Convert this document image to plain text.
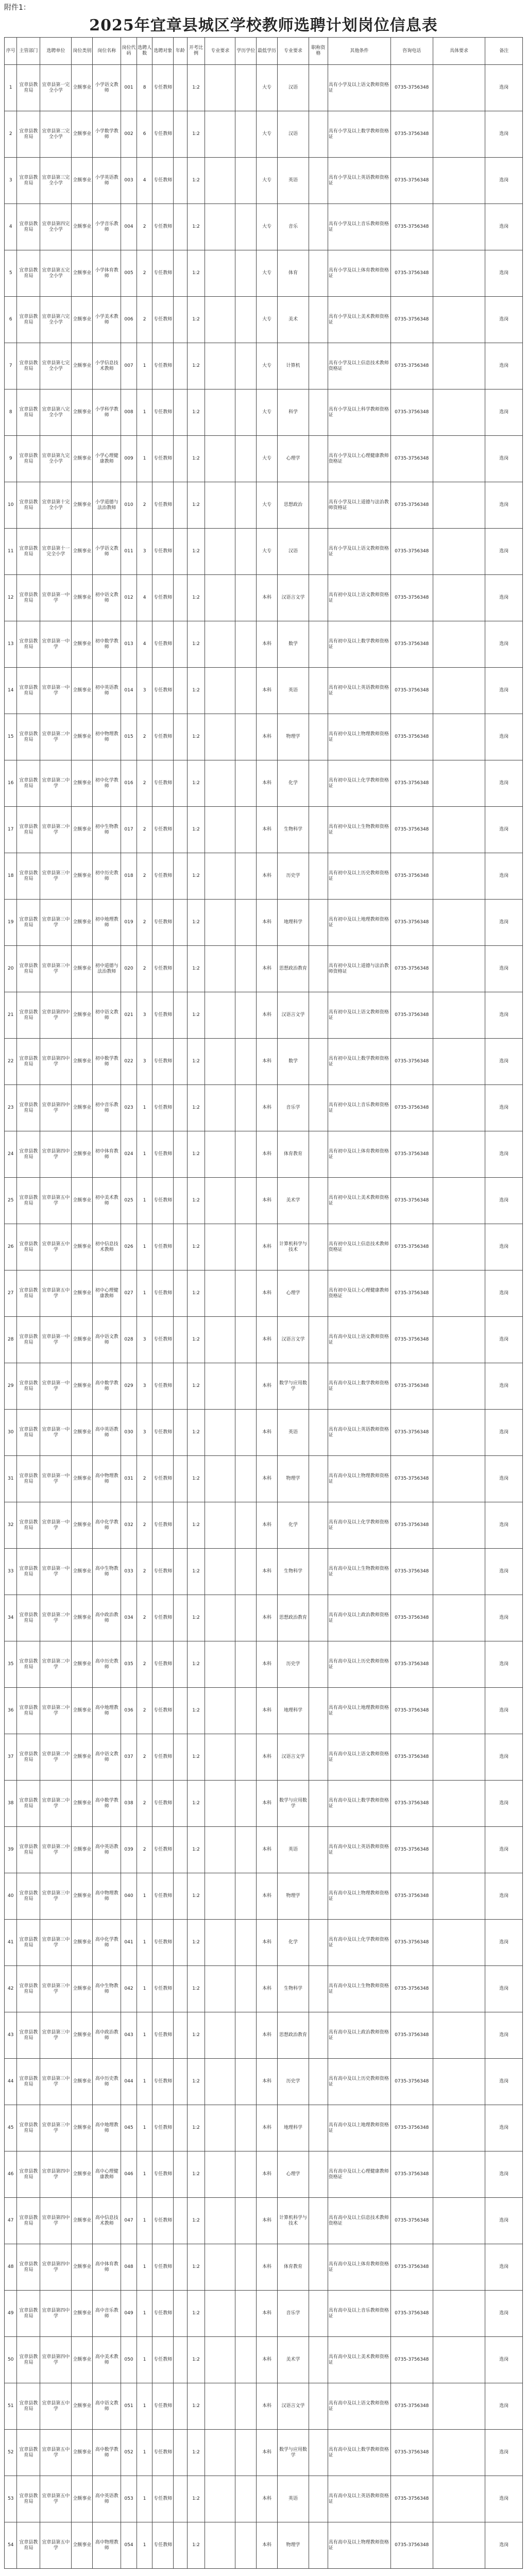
附件1：
2025年宜章县城区学校教师选聘计划岗位信息表
序号	主管部门	选聘单位	岗位类别	岗位名称	岗位代码	选聘人数	选聘对象	年龄	开考比例	专业要求	学历学位	最低学历	专业要求	职称资格	其他条件	咨询电话	具体要求	备注
1	宜章县教育局	宜章县第一完全小学	全额事业	小学语文教师	001	8	专任教师		1:2			大专	汉语		具有小学及以上语文教师资格证	0735-3756348		选岗
2	宜章县教育局	宜章县第二完全小学	全额事业	小学数学教师	002	6	专任教师		1:2			大专	汉语		具有小学及以上数学教师资格证	0735-3756348		选岗
3	宜章县教育局	宜章县第三完全小学	全额事业	小学英语教师	003	4	专任教师		1:2			大专	英语		具有小学及以上英语教师资格证	0735-3756348		选岗
4	宜章县教育局	宜章县第四完全小学	全额事业	小学音乐教师	004	2	专任教师		1:2			大专	音乐		具有小学及以上音乐教师资格证	0735-3756348		选岗
5	宜章县教育局	宜章县第五完全小学	全额事业	小学体育教师	005	2	专任教师		1:2			大专	体育		具有小学及以上体育教师资格证	0735-3756348		选岗
6	宜章县教育局	宜章县第六完全小学	全额事业	小学美术教师	006	2	专任教师		1:2			大专	美术		具有小学及以上美术教师资格证	0735-3756348		选岗
7	宜章县教育局	宜章县第七完全小学	全额事业	小学信息技术教师	007	1	专任教师		1:2			大专	计算机		具有小学及以上信息技术教师资格证	0735-3756348		选岗
8	宜章县教育局	宜章县第八完全小学	全额事业	小学科学教师	008	1	专任教师		1:2			大专	科学		具有小学及以上科学教师资格证	0735-3756348		选岗
9	宜章县教育局	宜章县第九完全小学	全额事业	小学心理健康教师	009	1	专任教师		1:2			大专	心理学		具有小学及以上心理健康教师资格证	0735-3756348		选岗
10	宜章县教育局	宜章县第十完全小学	全额事业	小学道德与法治教师	010	2	专任教师		1:2			大专	思想政治		具有小学及以上道德与法治教师资格证	0735-3756348		选岗
11	宜章县教育局	宜章县第十一完全小学	全额事业	小学语文教师	011	3	专任教师		1:2			大专	汉语		具有小学及以上语文教师资格证	0735-3756348		选岗
12	宜章县教育局	宜章县第一中学	全额事业	初中语文教师	012	4	专任教师		1:2			本科	汉语言文学		具有初中及以上语文教师资格证	0735-3756348		选岗
13	宜章县教育局	宜章县第一中学	全额事业	初中数学教师	013	4	专任教师		1:2			本科	数学		具有初中及以上数学教师资格证	0735-3756348		选岗
14	宜章县教育局	宜章县第一中学	全额事业	初中英语教师	014	3	专任教师		1:2			本科	英语		具有初中及以上英语教师资格证	0735-3756348		选岗
15	宜章县教育局	宜章县第二中学	全额事业	初中物理教师	015	2	专任教师		1:2			本科	物理学		具有初中及以上物理教师资格证	0735-3756348		选岗
16	宜章县教育局	宜章县第二中学	全额事业	初中化学教师	016	2	专任教师		1:2			本科	化学		具有初中及以上化学教师资格证	0735-3756348		选岗
17	宜章县教育局	宜章县第二中学	全额事业	初中生物教师	017	2	专任教师		1:2			本科	生物科学		具有初中及以上生物教师资格证	0735-3756348		选岗
18	宜章县教育局	宜章县第三中学	全额事业	初中历史教师	018	2	专任教师		1:2			本科	历史学		具有初中及以上历史教师资格证	0735-3756348		选岗
19	宜章县教育局	宜章县第三中学	全额事业	初中地理教师	019	2	专任教师		1:2			本科	地理科学		具有初中及以上地理教师资格证	0735-3756348		选岗
20	宜章县教育局	宜章县第三中学	全额事业	初中道德与法治教师	020	2	专任教师		1:2			本科	思想政治教育		具有初中及以上道德与法治教师资格证	0735-3756348		选岗
21	宜章县教育局	宜章县第四中学	全额事业	初中语文教师	021	3	专任教师		1:2			本科	汉语言文学		具有初中及以上语文教师资格证	0735-3756348		选岗
22	宜章县教育局	宜章县第四中学	全额事业	初中数学教师	022	3	专任教师		1:2			本科	数学		具有初中及以上数学教师资格证	0735-3756348		选岗
23	宜章县教育局	宜章县第四中学	全额事业	初中音乐教师	023	1	专任教师		1:2			本科	音乐学		具有初中及以上音乐教师资格证	0735-3756348		选岗
24	宜章县教育局	宜章县第四中学	全额事业	初中体育教师	024	1	专任教师		1:2			本科	体育教育		具有初中及以上体育教师资格证	0735-3756348		选岗
25	宜章县教育局	宜章县第五中学	全额事业	初中美术教师	025	1	专任教师		1:2			本科	美术学		具有初中及以上美术教师资格证	0735-3756348		选岗
26	宜章县教育局	宜章县第五中学	全额事业	初中信息技术教师	026	1	专任教师		1:2			本科	计算机科学与技术		具有初中及以上信息技术教师资格证	0735-3756348		选岗
27	宜章县教育局	宜章县第五中学	全额事业	初中心理健康教师	027	1	专任教师		1:2			本科	心理学		具有初中及以上心理健康教师资格证	0735-3756348		选岗
28	宜章县教育局	宜章县第一中学	全额事业	高中语文教师	028	3	专任教师		1:2			本科	汉语言文学		具有高中及以上语文教师资格证	0735-3756348		选岗
29	宜章县教育局	宜章县第一中学	全额事业	高中数学教师	029	3	专任教师		1:2			本科	数学与应用数学		具有高中及以上数学教师资格证	0735-3756348		选岗
30	宜章县教育局	宜章县第一中学	全额事业	高中英语教师	030	3	专任教师		1:2			本科	英语		具有高中及以上英语教师资格证	0735-3756348		选岗
31	宜章县教育局	宜章县第一中学	全额事业	高中物理教师	031	2	专任教师		1:2			本科	物理学		具有高中及以上物理教师资格证	0735-3756348		选岗
32	宜章县教育局	宜章县第一中学	全额事业	高中化学教师	032	2	专任教师		1:2			本科	化学		具有高中及以上化学教师资格证	0735-3756348		选岗
33	宜章县教育局	宜章县第一中学	全额事业	高中生物教师	033	2	专任教师		1:2			本科	生物科学		具有高中及以上生物教师资格证	0735-3756348		选岗
34	宜章县教育局	宜章县第二中学	全额事业	高中政治教师	034	2	专任教师		1:2			本科	思想政治教育		具有高中及以上政治教师资格证	0735-3756348		选岗
35	宜章县教育局	宜章县第二中学	全额事业	高中历史教师	035	2	专任教师		1:2			本科	历史学		具有高中及以上历史教师资格证	0735-3756348		选岗
36	宜章县教育局	宜章县第二中学	全额事业	高中地理教师	036	2	专任教师		1:2			本科	地理科学		具有高中及以上地理教师资格证	0735-3756348		选岗
37	宜章县教育局	宜章县第二中学	全额事业	高中语文教师	037	2	专任教师		1:2			本科	汉语言文学		具有高中及以上语文教师资格证	0735-3756348		选岗
38	宜章县教育局	宜章县第二中学	全额事业	高中数学教师	038	2	专任教师		1:2			本科	数学与应用数学		具有高中及以上数学教师资格证	0735-3756348		选岗
39	宜章县教育局	宜章县第二中学	全额事业	高中英语教师	039	2	专任教师		1:2			本科	英语		具有高中及以上英语教师资格证	0735-3756348		选岗
40	宜章县教育局	宜章县第三中学	全额事业	高中物理教师	040	1	专任教师		1:2			本科	物理学		具有高中及以上物理教师资格证	0735-3756348		选岗
41	宜章县教育局	宜章县第三中学	全额事业	高中化学教师	041	1	专任教师		1:2			本科	化学		具有高中及以上化学教师资格证	0735-3756348		选岗
42	宜章县教育局	宜章县第三中学	全额事业	高中生物教师	042	1	专任教师		1:2			本科	生物科学		具有高中及以上生物教师资格证	0735-3756348		选岗
43	宜章县教育局	宜章县第三中学	全额事业	高中政治教师	043	1	专任教师		1:2			本科	思想政治教育		具有高中及以上政治教师资格证	0735-3756348		选岗
44	宜章县教育局	宜章县第三中学	全额事业	高中历史教师	044	1	专任教师		1:2			本科	历史学		具有高中及以上历史教师资格证	0735-3756348		选岗
45	宜章县教育局	宜章县第三中学	全额事业	高中地理教师	045	1	专任教师		1:2			本科	地理科学		具有高中及以上地理教师资格证	0735-3756348		选岗
46	宜章县教育局	宜章县第四中学	全额事业	高中心理健康教师	046	1	专任教师		1:2			本科	心理学		具有高中及以上心理健康教师资格证	0735-3756348		选岗
47	宜章县教育局	宜章县第四中学	全额事业	高中信息技术教师	047	1	专任教师		1:2			本科	计算机科学与技术		具有高中及以上信息技术教师资格证	0735-3756348		选岗
48	宜章县教育局	宜章县第四中学	全额事业	高中体育教师	048	1	专任教师		1:2			本科	体育教育		具有高中及以上体育教师资格证	0735-3756348		选岗
49	宜章县教育局	宜章县第四中学	全额事业	高中音乐教师	049	1	专任教师		1:2			本科	音乐学		具有高中及以上音乐教师资格证	0735-3756348		选岗
50	宜章县教育局	宜章县第四中学	全额事业	高中美术教师	050	1	专任教师		1:2			本科	美术学		具有高中及以上美术教师资格证	0735-3756348		选岗
51	宜章县教育局	宜章县第五中学	全额事业	高中语文教师	051	1	专任教师		1:2			本科	汉语言文学		具有高中及以上语文教师资格证	0735-3756348		选岗
52	宜章县教育局	宜章县第五中学	全额事业	高中数学教师	052	1	专任教师		1:2			本科	数学与应用数学		具有高中及以上数学教师资格证	0735-3756348		选岗
53	宜章县教育局	宜章县第五中学	全额事业	高中英语教师	053	1	专任教师		1:2			本科	英语		具有高中及以上英语教师资格证	0735-3756348		选岗
54	宜章县教育局	宜章县第五中学	全额事业	高中物理教师	054	1	专任教师		1:2			本科	物理学		具有高中及以上物理教师资格证	0735-3756348		选岗
